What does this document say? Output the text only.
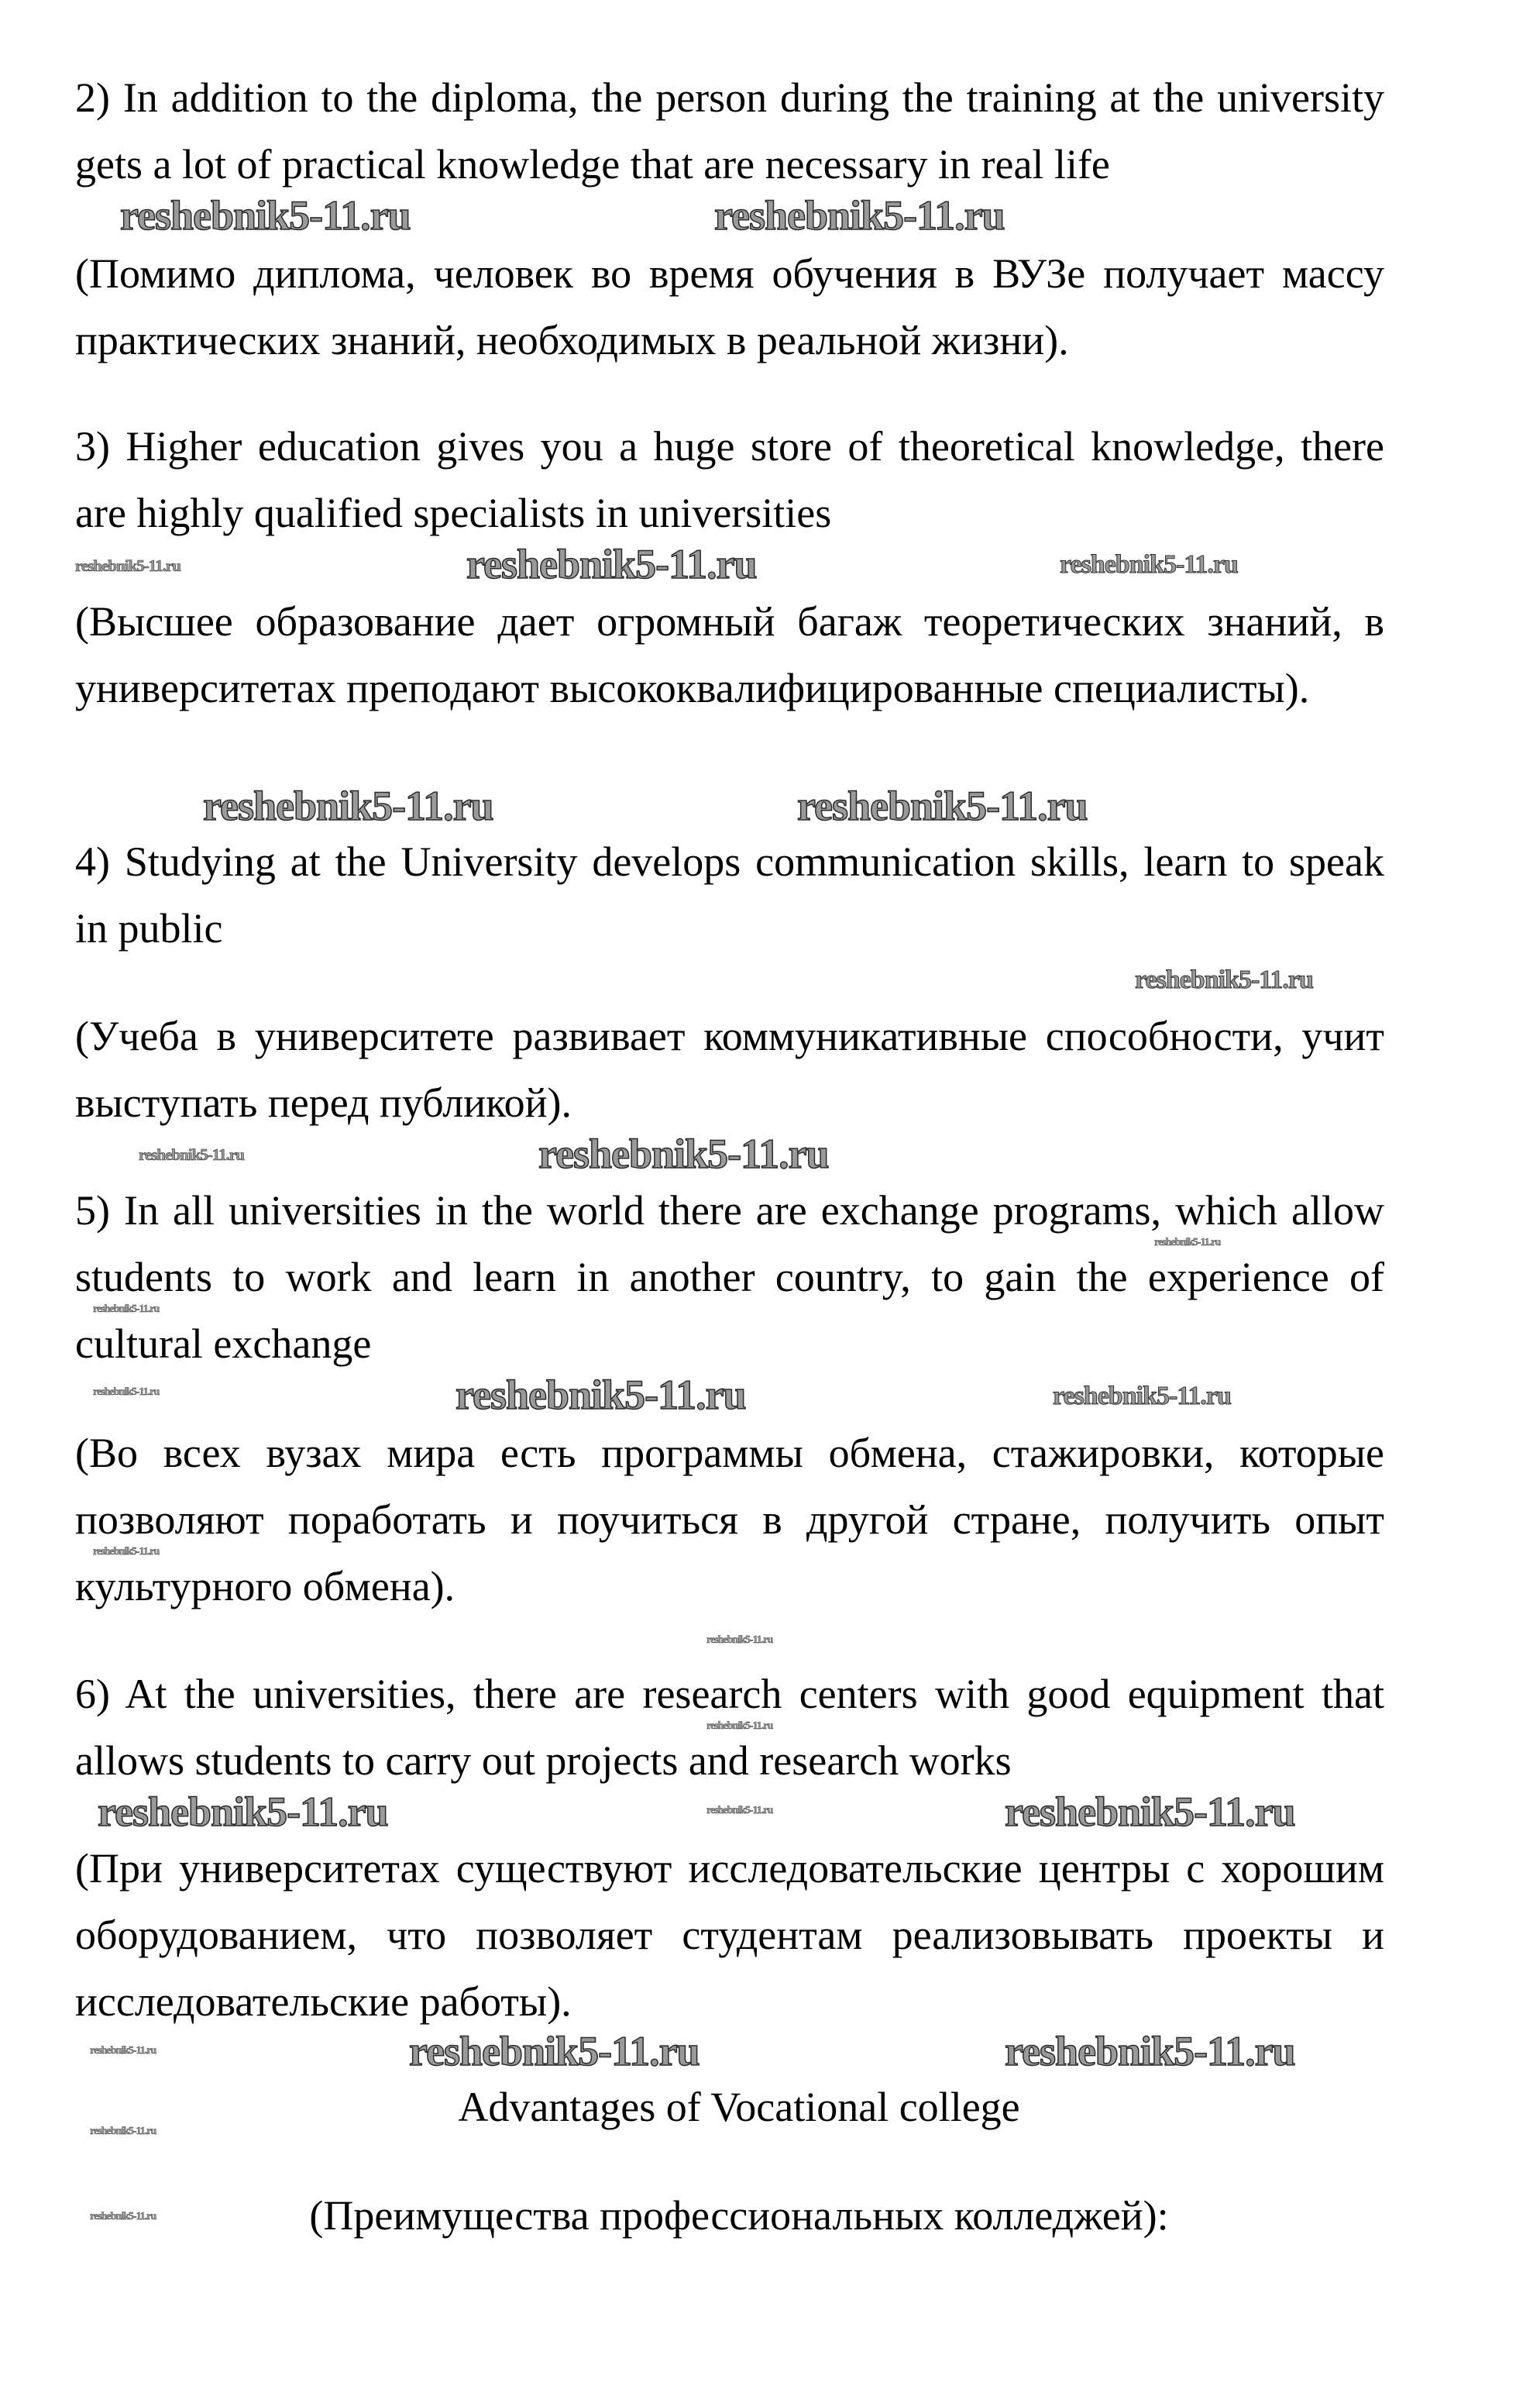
2) In addition to the diploma, the person during the training at the university gets a lot of practical knowledge that are necessary in real life

(Помимо диплома, человек во время обучения в ВУЗе получает массу практических знаний, необходимых в реальной жизни).

3) Higher education gives you a huge store of theoretical knowledge, there are highly qualified specialists in universities

(Высшее образование дает огромный багаж теоретических знаний, в университетах преподают высококвалифицированные специалисты).

4) Studying at the University develops communication skills, learn to speak in public

(Учеба в университете развивает коммуникативные способности, учит выступать перед публикой).

5) In all universities in the world there are exchange programs, which allow students to work and learn in another country, to gain the experience of cultural exchange

(Во всех вузах мира есть программы обмена, стажировки, которые позволяют поработать и поучиться в другой стране, получить опыт культурного обмена).

6) At the universities, there are research centers with good equipment that allows students to carry out projects and research works

(При университетах существуют исследовательские центры с хорошим оборудованием, что позволяет студентам реализовывать проекты и исследовательские работы).

Advantages of Vocational college

(Преимущества профессиональных колледжей):

reshebnik5-11.ru	reshebnik5-11.ru
reshebnik5-11.ru
reshebnik5-11.ru	reshebnik5-11.ru
reshebnik5-11.ru
reshebnik5-11.ru
reshebnik5-11.ru	reshebnik5-11.ru
reshebnik5-11.ru	reshebnik5-11.ru
reshebnik5-11.ru
reshebnik5-11.ru
reshebnik5-11.ru
reshebnik5-11.ru
reshebnik5-11.ru
reshebnik5-11.ru
reshebnik5-11.ru
reshebnik5-11.ru
reshebnik5-11.ru
reshebnik5-11.ru
reshebnik5-11.ru
reshebnik5-11.ru
reshebnik5-11.ru
reshebnik5-11.ru
reshebnik5-11.ru
